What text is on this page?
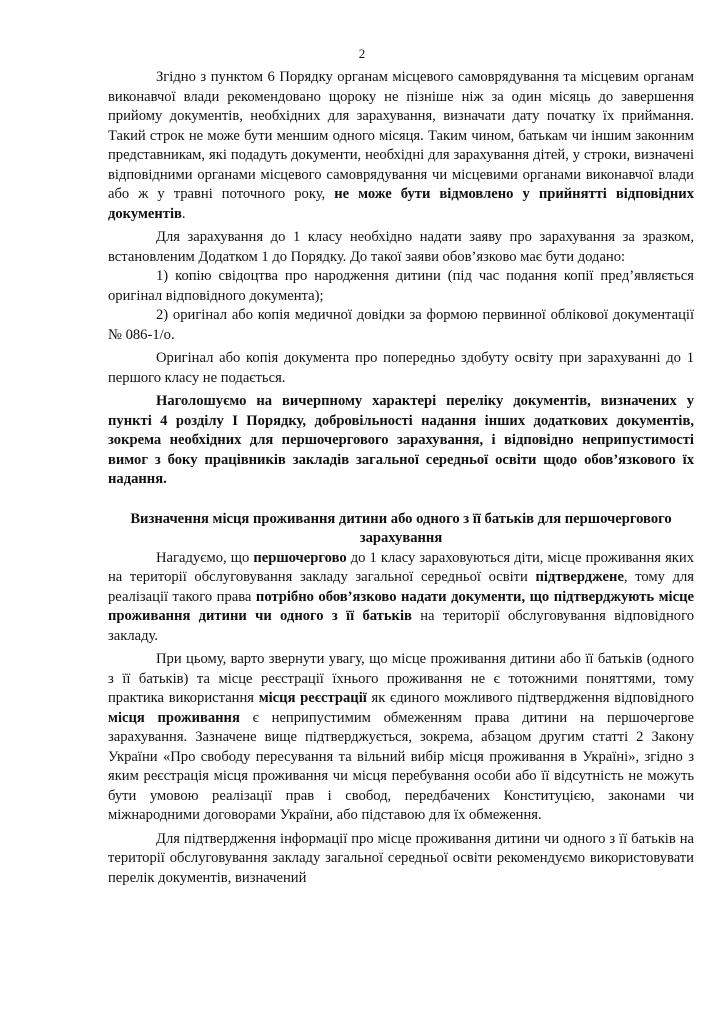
2

Згідно з пунктом 6 Порядку органам місцевого самоврядування та місцевим органам виконавчої влади рекомендовано щороку не пізніше ніж за один місяць до завершення прийому документів, необхідних для зарахування, визначати дату початку їх приймання. Такий строк не може бути меншим одного місяця. Таким чином, батькам чи іншим законним представникам, які подадуть документи, необхідні для зарахування дітей, у строки, визначені відповідними органами місцевого самоврядування чи місцевими органами виконавчої влади або ж у травні поточного року, не може бути відмовлено у прийнятті відповідних документів.

Для зарахування до 1 класу необхідно надати заяву про зарахування за зразком, встановленим Додатком 1 до Порядку. До такої заяви обов’язково має бути додано:

1) копію свідоцтва про народження дитини (під час подання копії пред’являється оригінал відповідного документа);

2) оригінал або копія медичної довідки за формою первинної облікової документації № 086-1/о.

Оригінал або копія документа про попередньо здобуту освіту при зарахуванні до 1 першого класу не подається.

Наголошуємо на вичерпному характері переліку документів, визначених у пункті 4 розділу I Порядку, добровільності надання інших додаткових документів, зокрема необхідних для першочергового зарахування, і відповідно неприпустимості вимог з боку працівників закладів загальної середньої освіти щодо обов’язкового їх надання.

Визначення місця проживання дитини або одного з її батьків для першочергового зарахування

Нагадуємо, що першочергово до 1 класу зараховуються діти, місце проживання яких на території обслуговування закладу загальної середньої освіти підтверджене, тому для реалізації такого права потрібно обов’язково надати документи, що підтверджують місце проживання дитини чи одного з її батьків на території обслуговування відповідного закладу.

При цьому, варто звернути увагу, що місце проживання дитини або її батьків (одного з її батьків) та місце реєстрації їхнього проживання не є тотожними поняттями, тому практика використання місця реєстрації як єдиного можливого підтвердження відповідного місця проживання є неприпустимим обмеженням права дитини на першочергове зарахування. Зазначене вище підтверджується, зокрема, абзацом другим статті 2 Закону України «Про свободу пересування та вільний вибір місця проживання в Україні», згідно з яким реєстрація місця проживання чи місця перебування особи або її відсутність не можуть бути умовою реалізації прав і свобод, передбачених Конституцією, законами чи міжнародними договорами України, або підставою для їх обмеження.

Для підтвердження інформації про місце проживання дитини чи одного з її батьків на території обслуговування закладу загальної середньої освіти рекомендуємо використовувати перелік документів, визначений
